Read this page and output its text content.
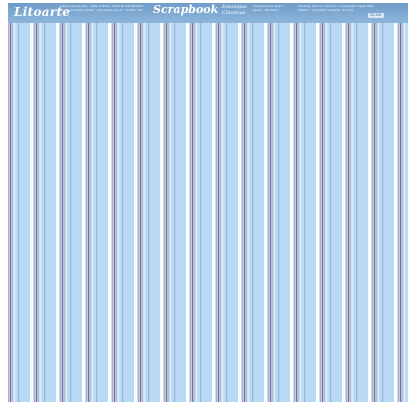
Litoarte
Editora Litoarte Ltda. · Made in Brazil · CNPJ 00.000.000/0001-00 · Reprodução proibida · www.litoarte.com.br · Curitiba - PR Scrapbook Estampas Clássicas
Produto livre de ácido e lignina · Não tóxico
Tamanho: 30,5 cm x 30,5 cm · Composição: Papel Offset 180g/m² · Impressão: Unilateral · 4 Cores
SD-591
